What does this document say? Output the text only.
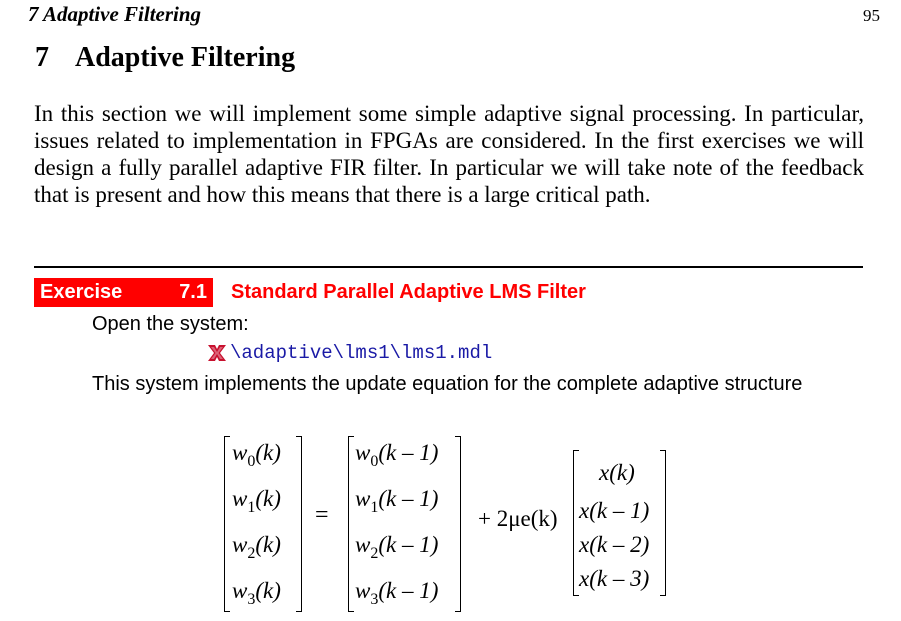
7 Adaptive Filtering	95
7 Adaptive Filtering
In this section we will implement some simple adaptive signal processing. In particular, issues related to implementation in FPGAs are considered. In the first exercises we will design a fully parallel adaptive FIR filter. In particular we will take note of the feedback that is present and how this means that there is a large critical path.
Exercise	7.1 Standard Parallel Adaptive LMS Filter
Open the system:
\adaptive\lms1\lms1.mdl
This system implements the update equation for the complete adaptive structure
$w_0(k)$
$w_1(k)$
$w_2(k)$
$w_3(k)$
=
$w_0(k - 1)$
$w_1(k - 1)$
$w_2(k - 1)$
$w_3(k - 1)$
+ 2μe(k)
x(k)
x(k – 1)
x(k – 2)
x(k – 3)
